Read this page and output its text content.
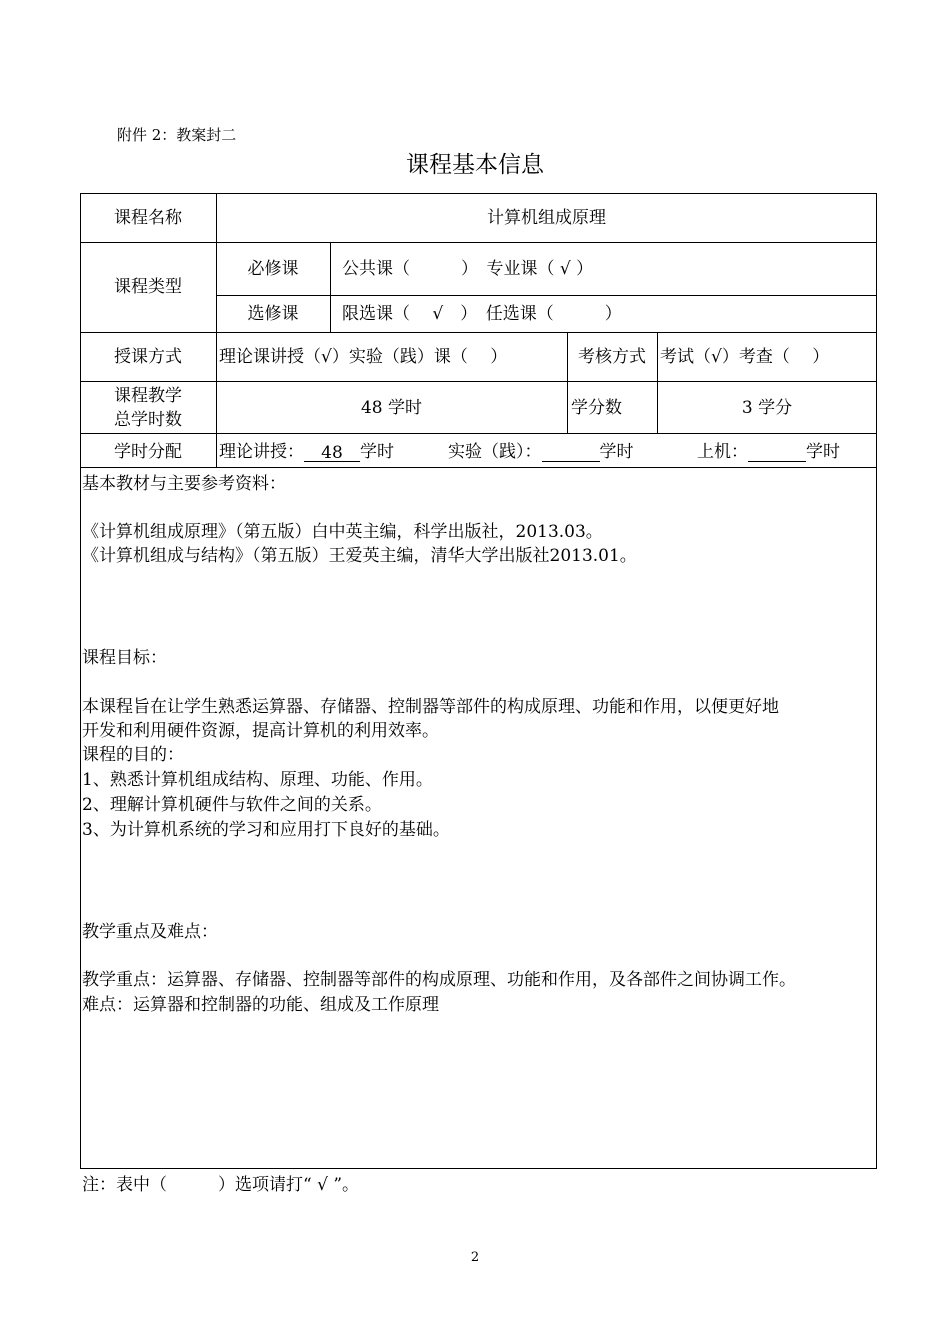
附件 2：教案封二
课程基本信息
课程名称	计算机组成原理
课程类型
必修课	公共课（　　　）　专业课（ √ ）
选修课	限选课（　 √　）　任选课（　　　）
授课方式	理论课讲授（√）实验（践）课（　 ）	考核方式 考试（√）考查（　 ）
课程教学
总学时数
48 学时	学分数	3 学分
学时分配	理论讲授： 48 学时	实验（践）：	学时	上机：	学时
基本教材与主要参考资料：
《计算机组成原理》（第五版）白中英主编，科学出版社，2013.03。
《计算机组成与结构》（第五版）王爱英主编，清华大学出版社2013.01。
课程目标：
本课程旨在让学生熟悉运算器、存储器、控制器等部件的构成原理、功能和作用，以便更好地
开发和利用硬件资源，提高计算机的利用效率。
课程的目的：
1、熟悉计算机组成结构、原理、功能、作用。
2、理解计算机硬件与软件之间的关系。
3、为计算机系统的学习和应用打下良好的基础。
教学重点及难点：
教学重点：运算器、存储器、控制器等部件的构成原理、功能和作用，及各部件之间协调工作。
难点：运算器和控制器的功能、组成及工作原理
注：表中（　　　）选项请打“ √ ”。
2
